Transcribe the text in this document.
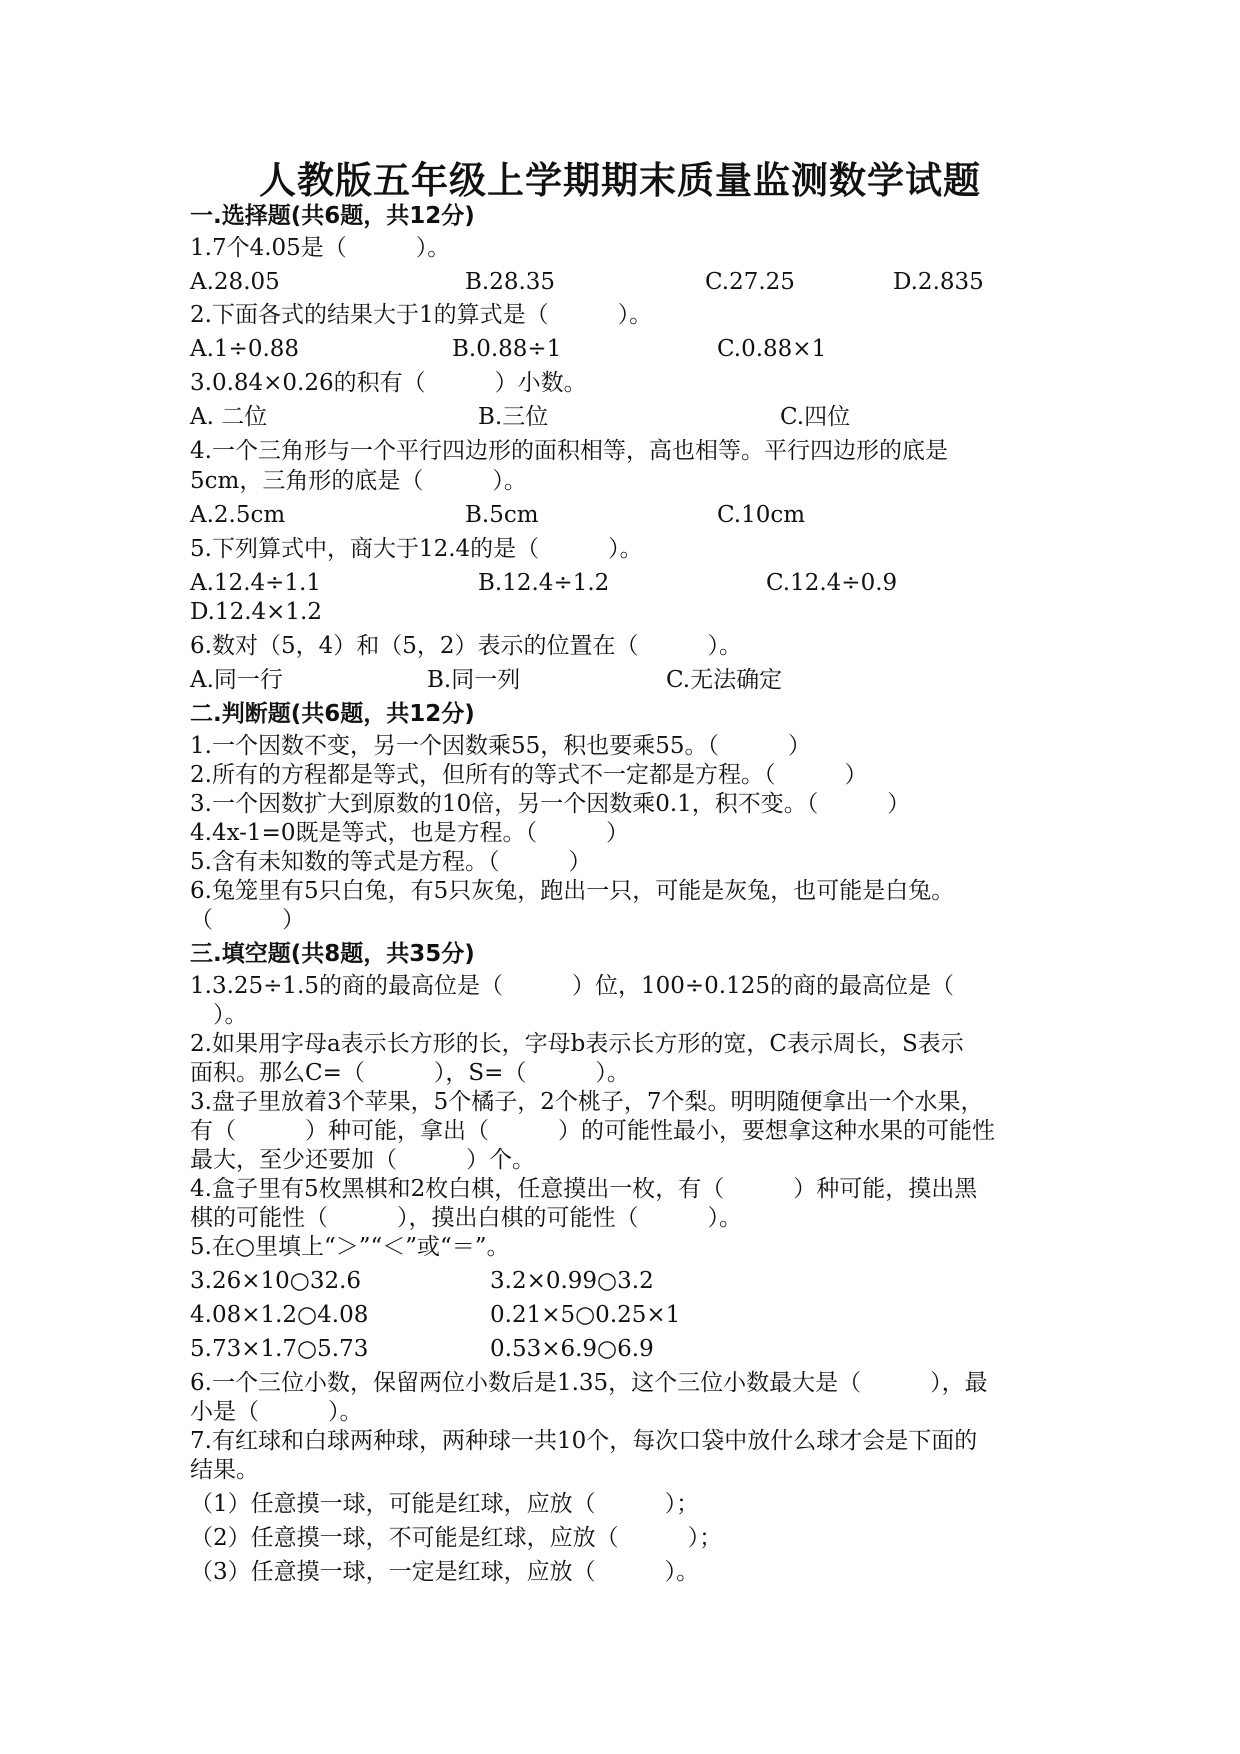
人教版五年级上学期期末质量监测数学试题
一.选择题(共6题，共12分)
1.7个4.05是（　　　）。
A.28.05	B.28.35	C.27.25	D.2.835
2.下面各式的结果大于1的算式是（　　　）。
A.1÷0.88	B.0.88÷1	C.0.88×1
3.0.84×0.26的积有（　　　）小数。
A. 二位	B.三位	C.四位
4.一个三角形与一个平行四边形的面积相等，高也相等。平行四边形的底是
5cm，三角形的底是（　　　）。
A.2.5cm	B.5cm	C.10cm
5.下列算式中，商大于12.4的是（　　　）。
A.12.4÷1.1	B.12.4÷1.2	C.12.4÷0.9
D.12.4×1.2
6.数对（5，4）和（5，2）表示的位置在（　　　）。
A.同一行	B.同一列	C.无法确定
二.判断题(共6题，共12分)
1.一个因数不变，另一个因数乘55，积也要乘55。（　　　）
2.所有的方程都是等式，但所有的等式不一定都是方程。（　　　）
3.一个因数扩大到原数的10倍，另一个因数乘0.1，积不变。（　　　）
4.4x-1=0既是等式，也是方程。（　　　）
5.含有未知数的等式是方程。（　　　）
6.兔笼里有5只白兔，有5只灰兔，跑出一只，可能是灰兔，也可能是白兔。
（　　　）
三.填空题(共8题，共35分)
1.3.25÷1.5的商的最高位是（　　　）位，100÷0.125的商的最高位是（
　）。
2.如果用字母a表示长方形的长，字母b表示长方形的宽，C表示周长，S表示
面积。那么C=（　　　），S=（　　　）。
3.盘子里放着3个苹果，5个橘子，2个桃子，7个梨。明明随便拿出一个水果，
有（　　　）种可能，拿出（　　　）的可能性最小，要想拿这种水果的可能性
最大，至少还要加（　　　）个。
4.盒子里有5枚黑棋和2枚白棋，任意摸出一枚，有（　　　）种可能，摸出黑
棋的可能性（　　　），摸出白棋的可能性（　　　）。
5.在○里填上“＞”“＜”或“＝”。
3.26×10○32.6	3.2×0.99○3.2
4.08×1.2○4.08	0.21×5○0.25×1
5.73×1.7○5.73	0.53×6.9○6.9
6.一个三位小数，保留两位小数后是1.35，这个三位小数最大是（　　　），最
小是（　　　）。
7.有红球和白球两种球，两种球一共10个，每次口袋中放什么球才会是下面的
结果。
（1）任意摸一球，可能是红球，应放（　　　）；
（2）任意摸一球，不可能是红球，应放（　　　）；
（3）任意摸一球，一定是红球，应放（　　　）。
